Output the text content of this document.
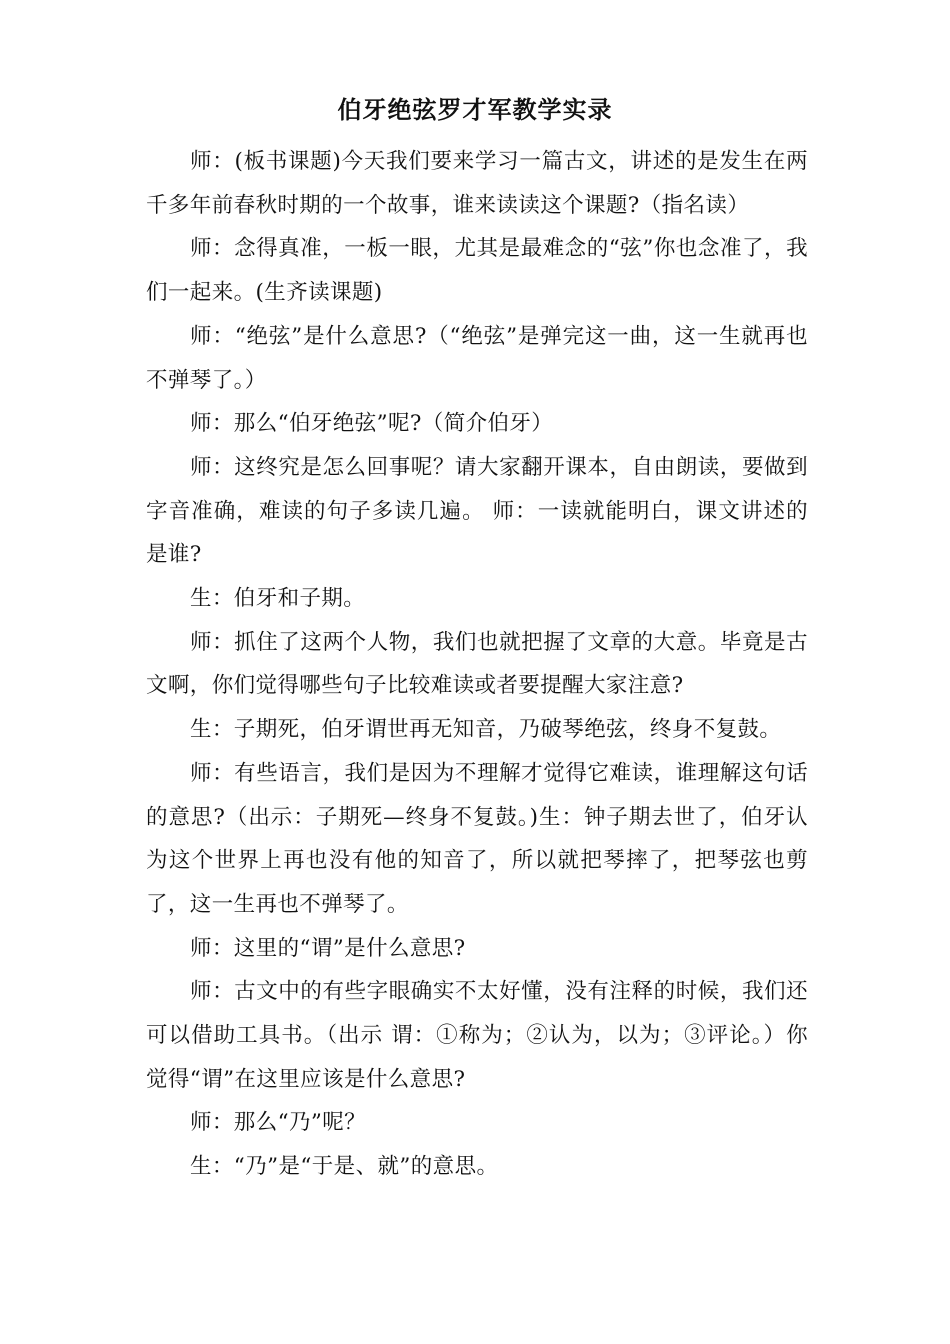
伯牙绝弦罗才军教学实录

师：(板书课题)今天我们要来学习一篇古文，讲述的是发生在两千多年前春秋时期的一个故事，谁来读读这个课题?（指名读）

师：念得真准，一板一眼，尤其是最难念的“弦”你也念准了，我们一起来。(生齐读课题)

师：“绝弦”是什么意思?（“绝弦”是弹完这一曲，这一生就再也不弹琴了。）

师：那么“伯牙绝弦”呢?（简介伯牙）

师：这终究是怎么回事呢？请大家翻开课本，自由朗读，要做到字音准确，难读的句子多读几遍。 师：一读就能明白，课文讲述的是谁?

生：伯牙和子期。

师：抓住了这两个人物，我们也就把握了文章的大意。毕竟是古文啊，你们觉得哪些句子比较难读或者要提醒大家注意?

生：子期死，伯牙谓世再无知音，乃破琴绝弦，终身不复鼓。

师：有些语言，我们是因为不理解才觉得它难读，谁理解这句话的意思?（出示：子期死—终身不复鼓。)生：钟子期去世了，伯牙认为这个世界上再也没有他的知音了，所以就把琴摔了，把琴弦也剪了，这一生再也不弹琴了。

师：这里的“谓”是什么意思?

师：古文中的有些字眼确实不太好懂，没有注释的时候，我们还可以借助工具书。（出示 谓：①称为；②认为，以为；③评论。）你觉得“谓”在这里应该是什么意思?

师：那么“乃”呢？

生：“乃”是“于是、就”的意思。
